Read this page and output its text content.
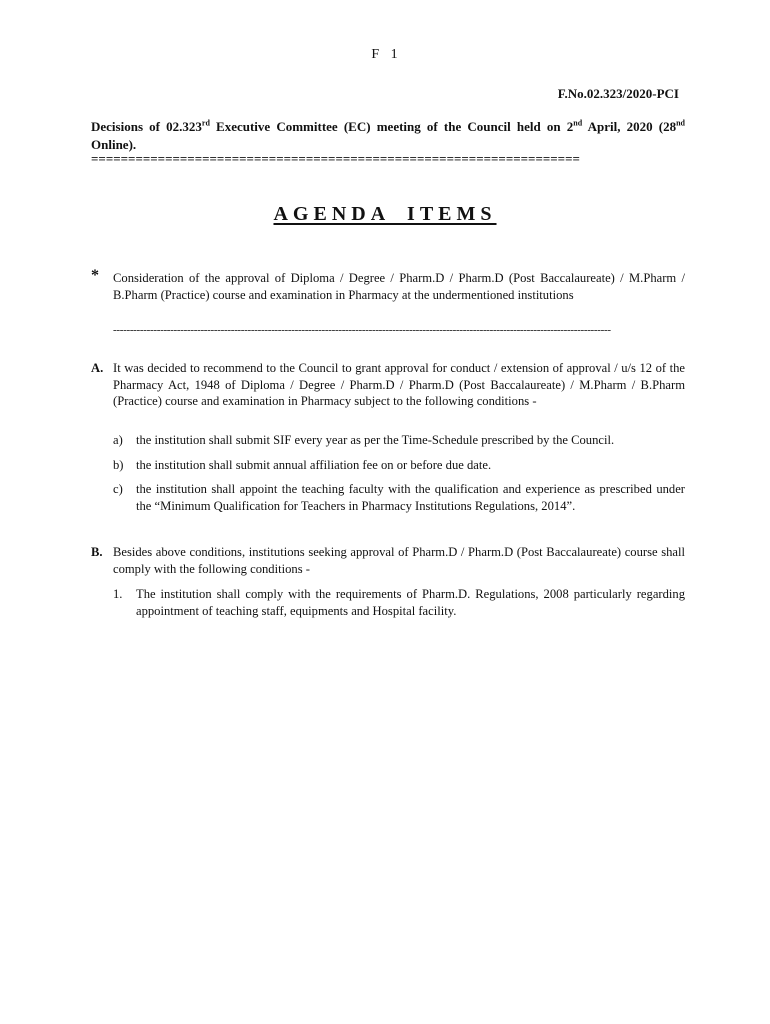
F 1
F.No.02.323/2020-PCI
Decisions of 02.323rd Executive Committee (EC) meeting of the Council held on 2nd April, 2020 (28nd Online).
==================================================================
AGENDA ITEMS
* Consideration of the approval of Diploma / Degree / Pharm.D / Pharm.D (Post Baccalaureate) / M.Pharm / B.Pharm (Practice) course and examination in Pharmacy at the undermentioned institutions
----------------------------------------------------------------------------------------------------------------------------------------------------
A. It was decided to recommend to the Council to grant approval for conduct / extension of approval / u/s 12 of the Pharmacy Act, 1948 of Diploma / Degree / Pharm.D / Pharm.D (Post Baccalaureate) / M.Pharm / B.Pharm (Practice) course and examination in Pharmacy subject to the following conditions -
a) the institution shall submit SIF every year as per the Time-Schedule prescribed by the Council.
b) the institution shall submit annual affiliation fee on or before due date.
c) the institution shall appoint the teaching faculty with the qualification and experience as prescribed under the “Minimum Qualification for Teachers in Pharmacy Institutions Regulations, 2014”.
B. Besides above conditions, institutions seeking approval of Pharm.D / Pharm.D (Post Baccalaureate) course shall comply with the following conditions -
1. The institution shall comply with the requirements of Pharm.D. Regulations, 2008 particularly regarding appointment of teaching staff, equipments and Hospital facility.
